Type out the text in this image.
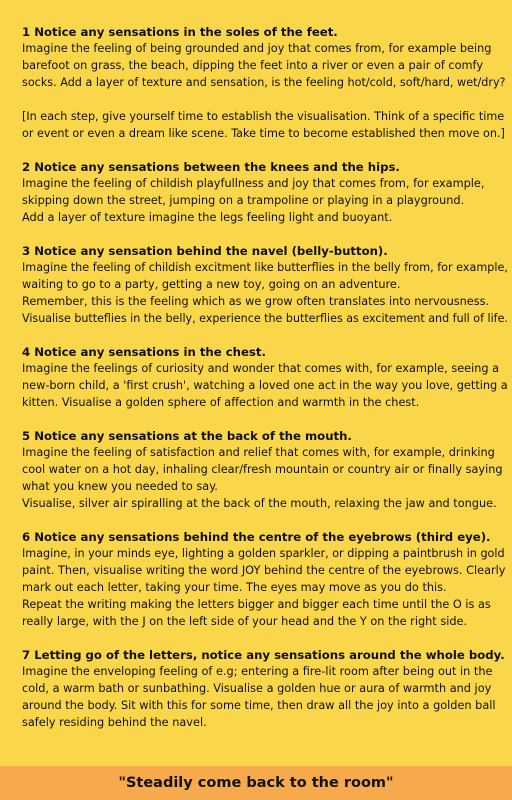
1 Notice any sensations in the soles of the feet.

Imagine the feeling of being grounded and joy that comes from, for example being

barefoot on grass, the beach, dipping the feet into a river or even a pair of comfy

socks. Add a layer of texture and sensation, is the feeling hot/cold, soft/hard, wet/dry?

[In each step, give yourself time to establish the visualisation. Think of a specific time

or event or even a dream like scene. Take time to become established then move on.]

2 Notice any sensations between the knees and the hips.

Imagine the feeling of childish playfullness and joy that comes from, for example,

skipping down the street, jumping on a trampoline or playing in a playground.

Add a layer of texture imagine the legs feeling light and buoyant.

3 Notice any sensation behind the navel (belly-button).

Imagine the feeling of childish excitment like butterflies in the belly from, for example,

waiting to go to a party, getting a new toy, going on an adventure.

Remember, this is the feeling which as we grow often translates into nervousness.

Visualise butteflies in the belly, experience the butterflies as excitement and full of life.

4 Notice any sensations in the chest.

Imagine the feelings of curiosity and wonder that comes with, for example, seeing a

new-born child, a 'first crush', watching a loved one act in the way you love, getting a

kitten. Visualise a golden sphere of affection and warmth in the chest.

5 Notice any sensations at the back of the mouth.

Imagine the feeling of satisfaction and relief that comes with, for example, drinking

cool water on a hot day, inhaling clear/fresh mountain or country air or finally saying

what you knew you needed to say.

Visualise, silver air spiralling at the back of the mouth, relaxing the jaw and tongue.

6 Notice any sensations behind the centre of the eyebrows (third eye).

Imagine, in your minds eye, lighting a golden sparkler, or dipping a paintbrush in gold

paint. Then, visualise writing the word JOY behind the centre of the eyebrows. Clearly

mark out each letter, taking your time. The eyes may move as you do this.

Repeat the writing making the letters bigger and bigger each time until the O is as

really large, with the J on the left side of your head and the Y on the right side.

7 Letting go of the letters, notice any sensations around the whole body.

Imagine the enveloping feeling of e.g; entering a fire-lit room after being out in the

cold, a warm bath or sunbathing. Visualise a golden hue or aura of warmth and joy

around the body. Sit with this for some time, then draw all the joy into a golden ball

safely residing behind the navel.

"Steadily come back to the room"
